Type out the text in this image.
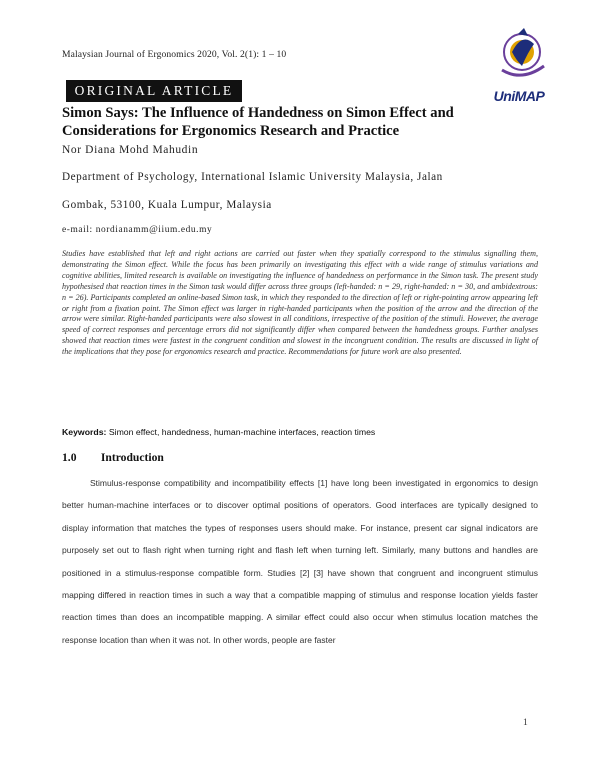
Malaysian Journal of Ergonomics 2020, Vol. 2(1): 1 – 10
UniMAP
ORIGINAL ARTICLE
Simon Says: The Influence of Handedness on Simon Effect and Considerations for Ergonomics Research and Practice
Nor Diana Mohd Mahudin
Department of Psychology, International Islamic University Malaysia, Jalan
Gombak, 53100, Kuala Lumpur, Malaysia
e-mail: nordianamm@iium.edu.my
Studies have established that left and right actions are carried out faster when they spatially correspond to the stimulus signalling them, demonstrating the Simon effect. While the focus has been primarily on investigating this effect with a wide range of stimulus variations and cognitive abilities, limited research is available on investigating the influence of handedness on performance in the Simon task. The present study hypothesised that reaction times in the Simon task would differ across three groups (left-handed: n = 29, right-handed: n = 30, and ambidextrous: n = 26). Participants completed an online-based Simon task, in which they responded to the direction of left or right-pointing arrow appearing left or right from a fixation point. The Simon effect was larger in right-handed participants when the position of the arrow and the direction of the arrow were similar. Right-handed participants were also slowest in all conditions, irrespective of the position of the stimuli. However, the average speed of correct responses and percentage errors did not significantly differ when compared between the handedness groups. Further analyses showed that reaction times were fastest in the congruent condition and slowest in the incongruent condition. The results are discussed in light of the implications that they pose for ergonomics research and practice. Recommendations for future work are also presented.
Keywords: Simon effect, handedness, human-machine interfaces, reaction times
1.0 Introduction

Stimulus-response compatibility and incompatibility effects [1] have long been investigated in ergonomics to design better human-machine interfaces or to discover optimal positions of operators. Good interfaces are typically designed to display information that matches the types of responses users should make. For instance, present car signal indicators are purposely set out to flash right when turning right and flash left when turning left. Similarly, many buttons and handles are positioned in a stimulus-response compatible form. Studies [2] [3] have shown that congruent and incongruent stimulus mapping differed in reaction times in such a way that a compatible mapping of stimulus and response location yields faster reaction times than does an incompatible mapping. A similar effect could also occur when stimulus location matches the response location than when it was not. In other words, people are faster

1
